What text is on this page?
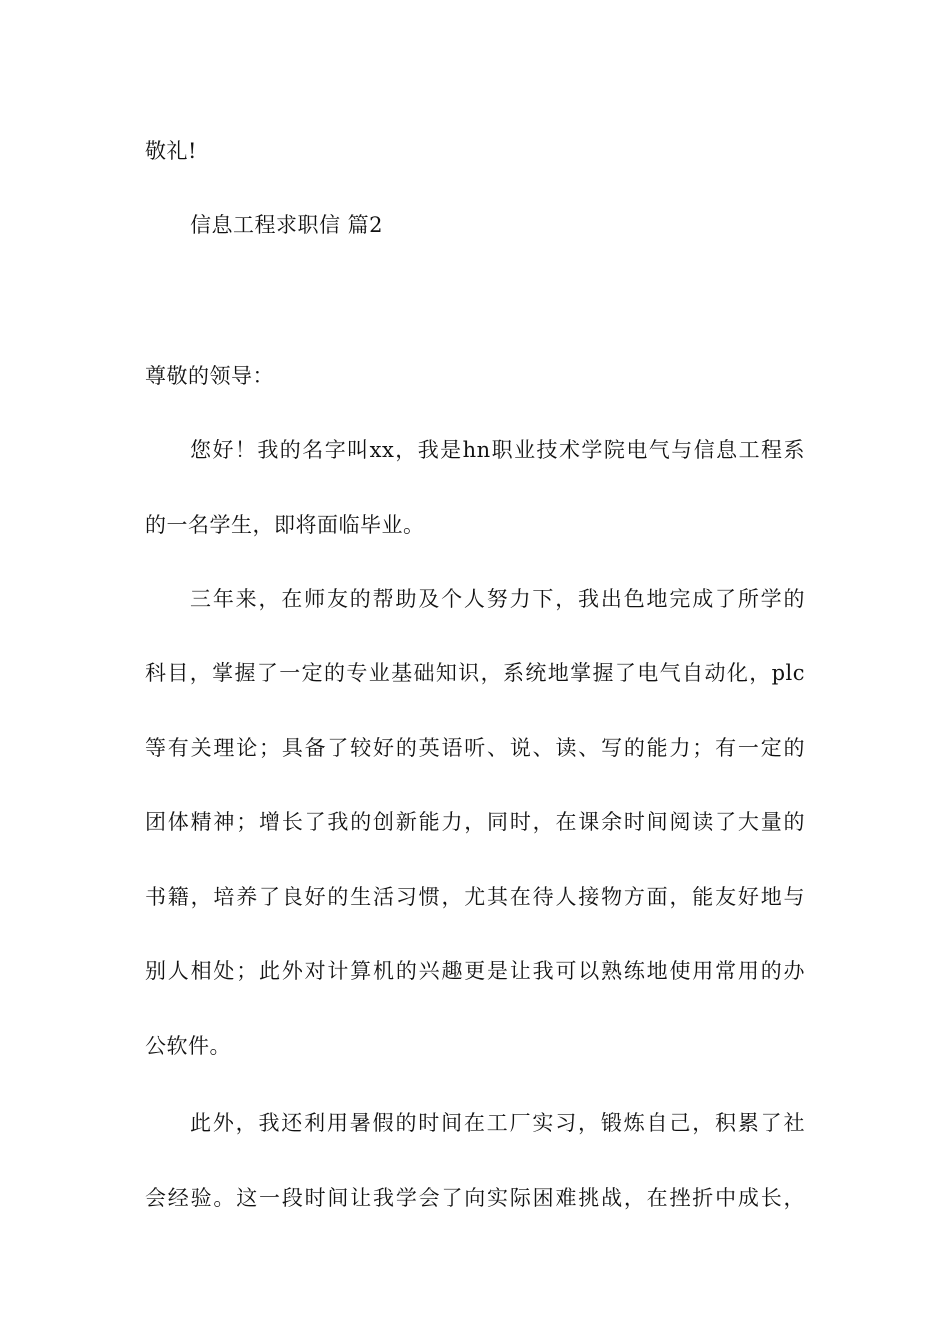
敬礼!
信息工程求职信 篇2
尊敬的领导：
您好！我的名字叫xx，我是hn职业技术学院电气与信息工程系
的一名学生，即将面临毕业。
三年来，在师友的帮助及个人努力下，我出色地完成了所学的
科目，掌握了一定的专业基础知识，系统地掌握了电气自动化，plc
等有关理论；具备了较好的英语听、说、读、写的能力；有一定的
团体精神；增长了我的创新能力，同时，在课余时间阅读了大量的
书籍，培养了良好的生活习惯，尤其在待人接物方面，能友好地与
别人相处；此外对计算机的兴趣更是让我可以熟练地使用常用的办
公软件。
此外，我还利用暑假的时间在工厂实习，锻炼自己，积累了社
会经验。这一段时间让我学会了向实际困难挑战，在挫折中成长，
